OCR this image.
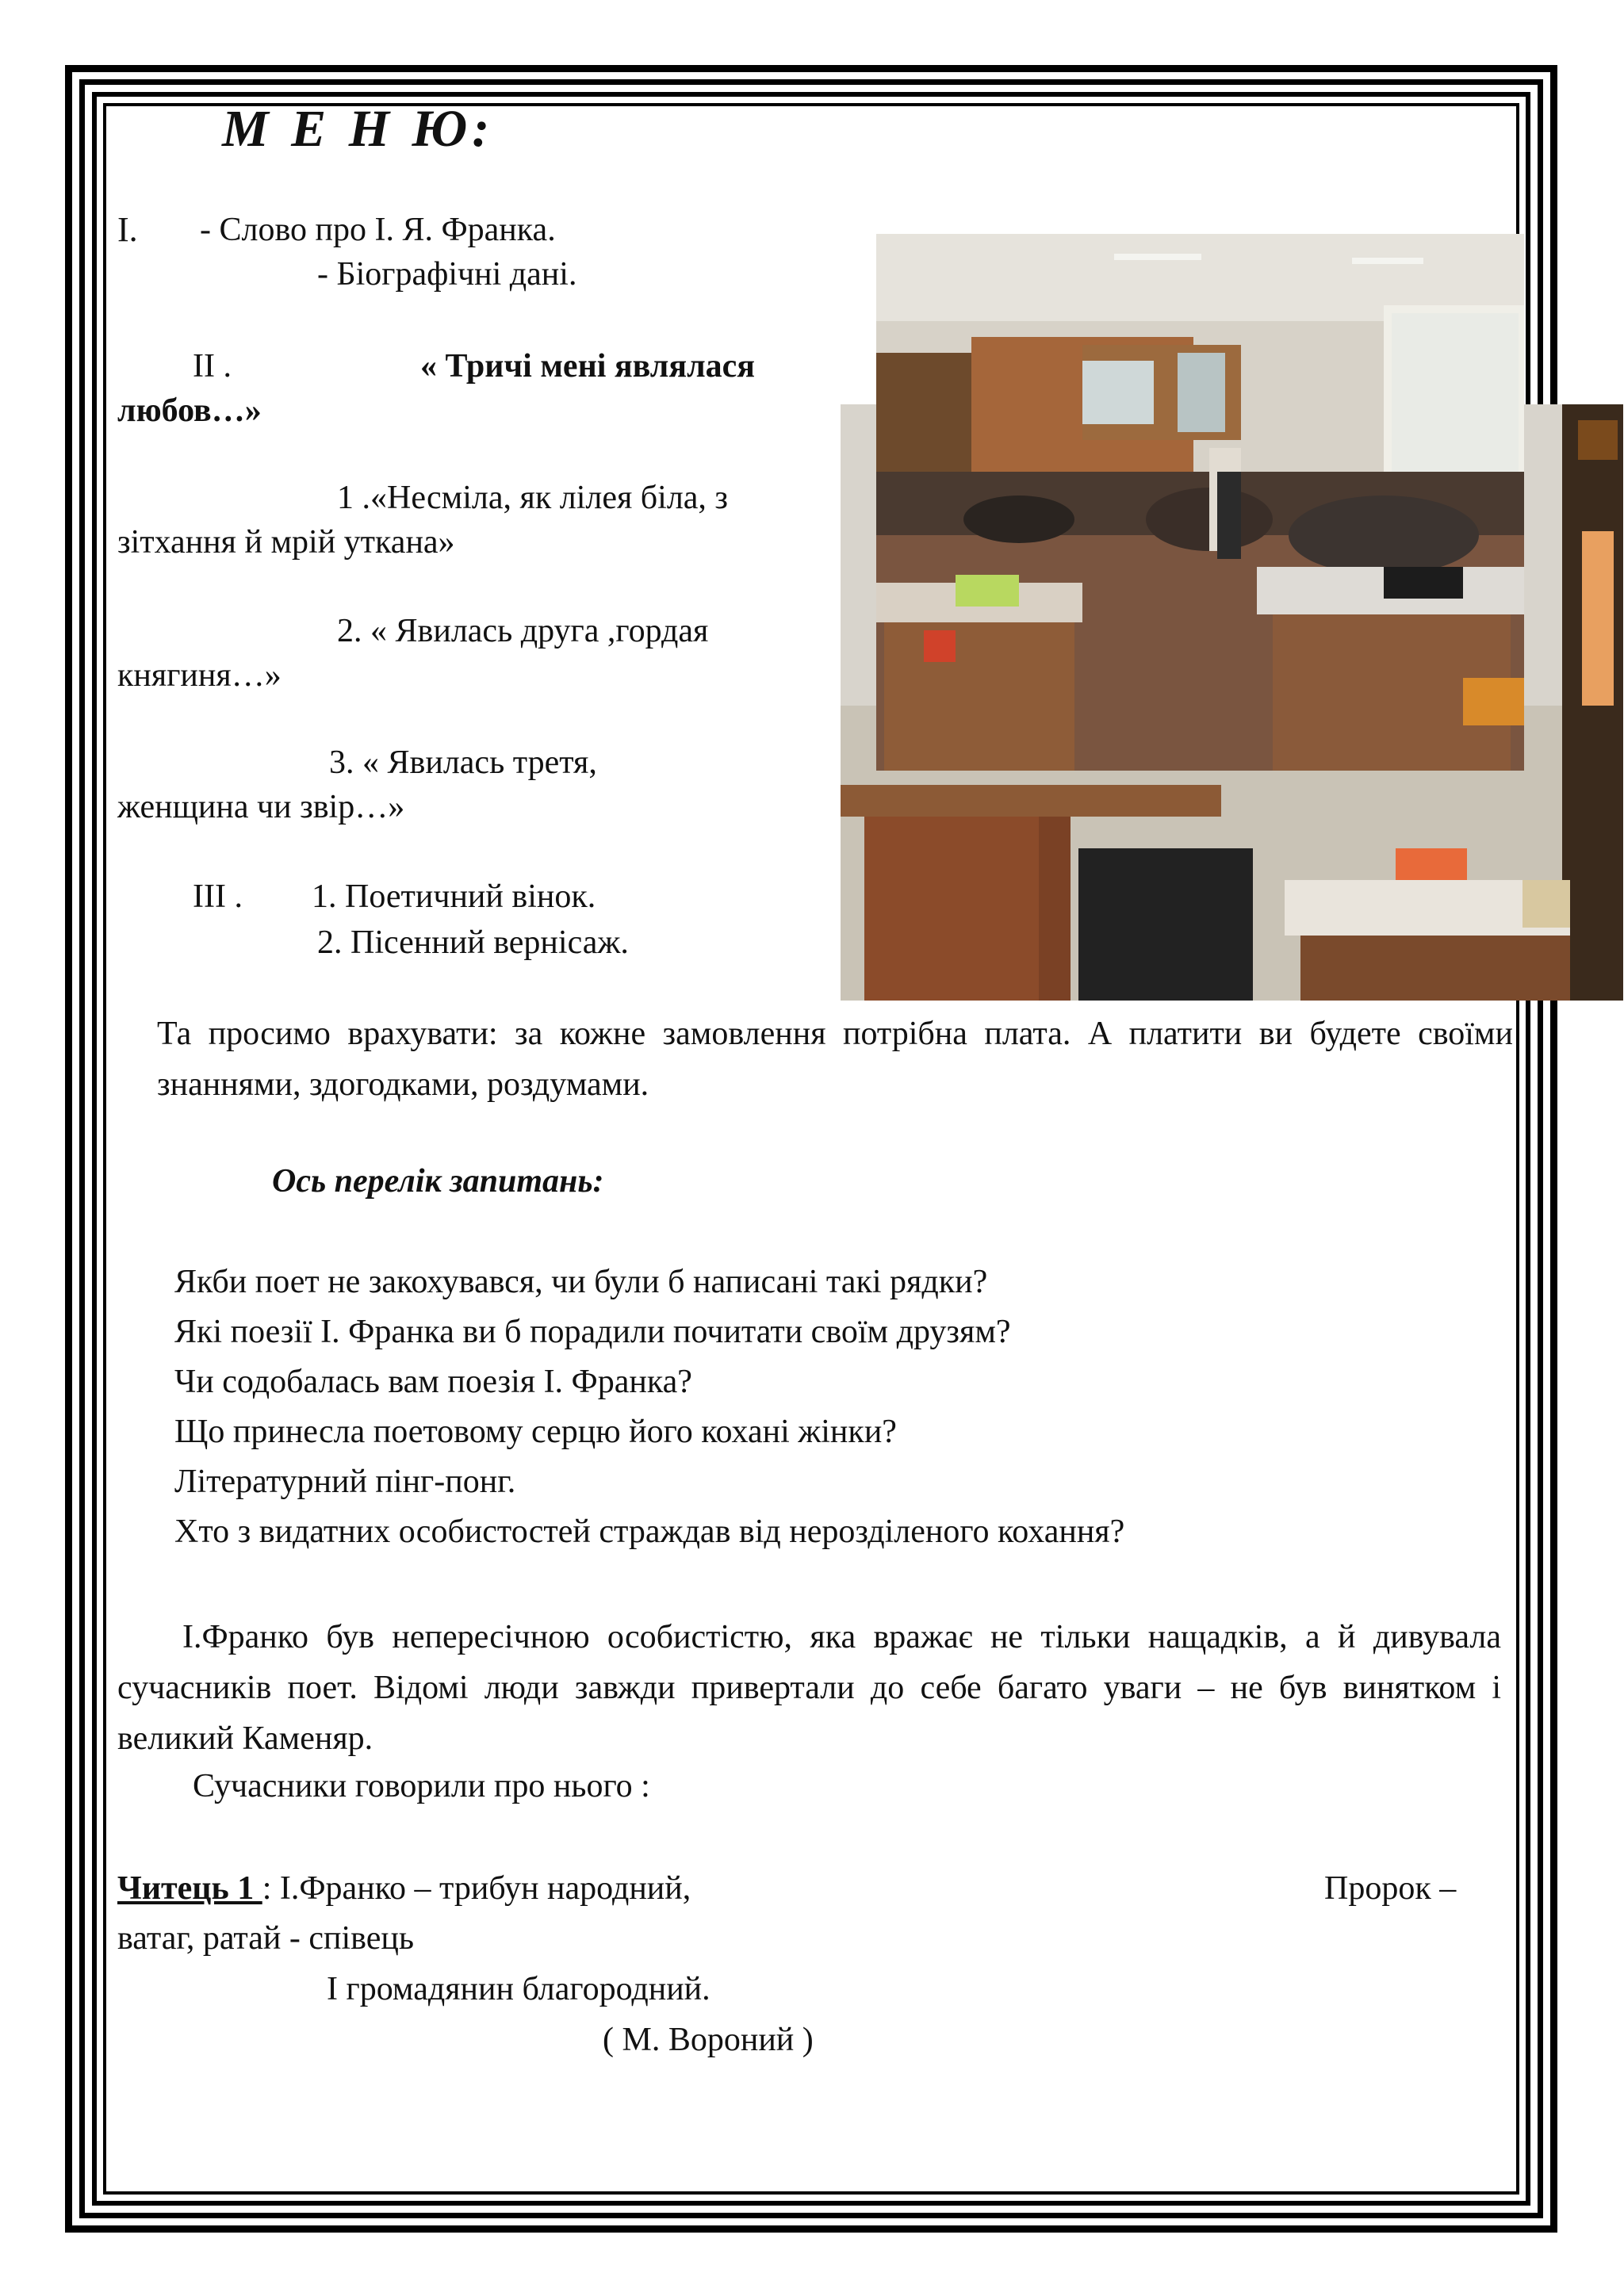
М Е Н Ю:
I. - Слово про І. Я. Франка.
- Біографічні дані.
II .	« Тричі мені являлася
любов…»
1 .«Несміла, як лілея біла, з
зітхання й мрій уткана»
2. « Явилась друга ,гордая
княгиня…»
3. « Явилась третя,
женщина чи звір…»
III . 1. Поетичний вінок.
2. Пісенний вернісаж.
Та просимо врахувати: за кожне замовлення потрібна плата. А платити ви будете своїми знаннями, здогодками, роздумами.
Ось перелік запитань:
Якби поет не закохувався, чи були б написані такі рядки?
Які поезії І. Франка ви б порадили почитати своїм друзям?
Чи содобалась вам поезія І. Франка?
Що принесла поетовому серцю його кохані жінки?
Літературний пінг-понг.
Хто з видатних особистостей страждав від нерозділеного кохання?
І.Франко був непересічною особистістю, яка вражає не тільки нащадків, а й дивувала сучасників поет. Відомі люди завжди привертали до себе багато уваги – не був винятком і великий Каменяр.
Сучасники говорили про нього :
Читець 1 : І.Франко – трибун народний,	Пророк –
ватаг, ратай - співець
І громадянин благородний.
( М. Вороний )
